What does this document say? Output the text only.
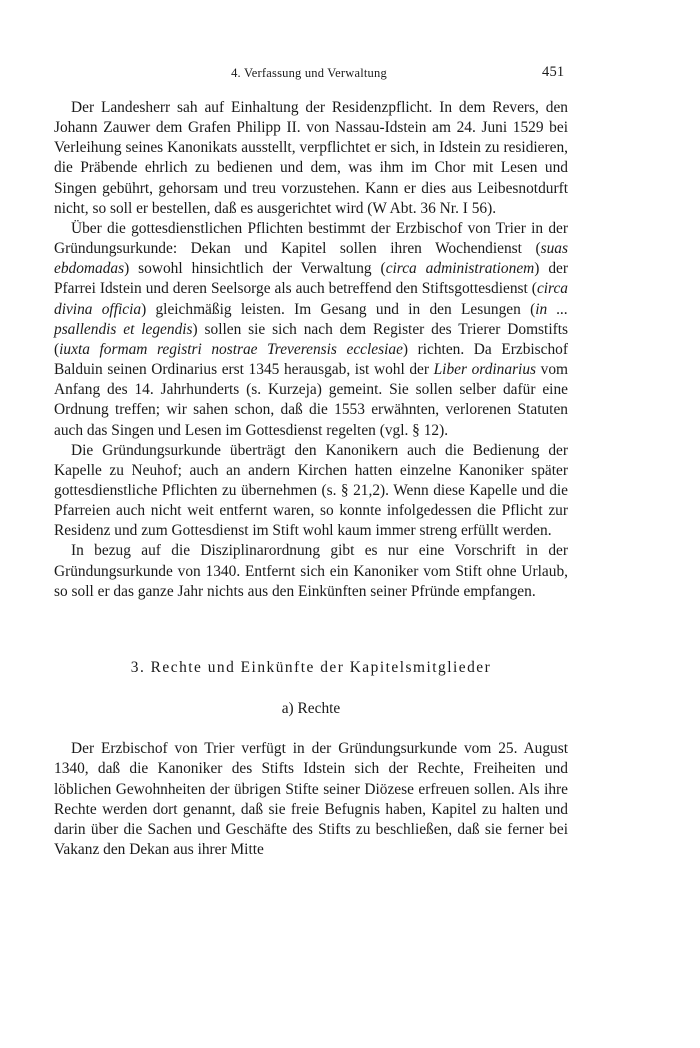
4. Verfassung und Verwaltung	451

Der Landesherr sah auf Einhaltung der Residenzpflicht. In dem Revers, den Johann Zauwer dem Grafen Philipp II. von Nassau-Idstein am 24. Juni 1529 bei Verleihung seines Kanonikats ausstellt, verpflichtet er sich, in Idstein zu residieren, die Präbende ehrlich zu bedienen und dem, was ihm im Chor mit Lesen und Singen gebührt, gehorsam und treu vorzustehen. Kann er dies aus Leibesnotdurft nicht, so soll er bestellen, daß es ausgerichtet wird (W Abt. 36 Nr. I 56).

Über die gottesdienstlichen Pflichten bestimmt der Erzbischof von Trier in der Gründungsurkunde: Dekan und Kapitel sollen ihren Wochendienst (suas ebdomadas) sowohl hinsichtlich der Verwaltung (circa administrationem) der Pfarrei Idstein und deren Seelsorge als auch betreffend den Stiftsgottesdienst (circa divina officia) gleichmäßig leisten. Im Gesang und in den Lesungen (in ... psallendis et legendis) sollen sie sich nach dem Register des Trierer Domstifts (iuxta formam registri nostrae Treverensis ecclesiae) richten. Da Erzbischof Balduin seinen Ordinarius erst 1345 herausgab, ist wohl der Liber ordinarius vom Anfang des 14. Jahrhunderts (s. Kurzeja) gemeint. Sie sollen selber dafür eine Ordnung treffen; wir sahen schon, daß die 1553 erwähnten, verlorenen Statuten auch das Singen und Lesen im Gottesdienst regelten (vgl. § 12).

Die Gründungsurkunde überträgt den Kanonikern auch die Bedienung der Kapelle zu Neuhof; auch an andern Kirchen hatten einzelne Kanoniker später gottesdienstliche Pflichten zu übernehmen (s. § 21,2). Wenn diese Kapelle und die Pfarreien auch nicht weit entfernt waren, so konnte infolgedessen die Pflicht zur Residenz und zum Gottesdienst im Stift wohl kaum immer streng erfüllt werden.

In bezug auf die Disziplinarordnung gibt es nur eine Vorschrift in der Gründungsurkunde von 1340. Entfernt sich ein Kanoniker vom Stift ohne Urlaub, so soll er das ganze Jahr nichts aus den Einkünften seiner Pfründe empfangen.

3. Rechte und Einkünfte der Kapitelsmitglieder

a) Rechte

Der Erzbischof von Trier verfügt in der Gründungsurkunde vom 25. August 1340, daß die Kanoniker des Stifts Idstein sich der Rechte, Freiheiten und löblichen Gewohnheiten der übrigen Stifte seiner Diözese erfreuen sollen. Als ihre Rechte werden dort genannt, daß sie freie Befugnis haben, Kapitel zu halten und darin über die Sachen und Geschäfte des Stifts zu beschließen, daß sie ferner bei Vakanz den Dekan aus ihrer Mitte
